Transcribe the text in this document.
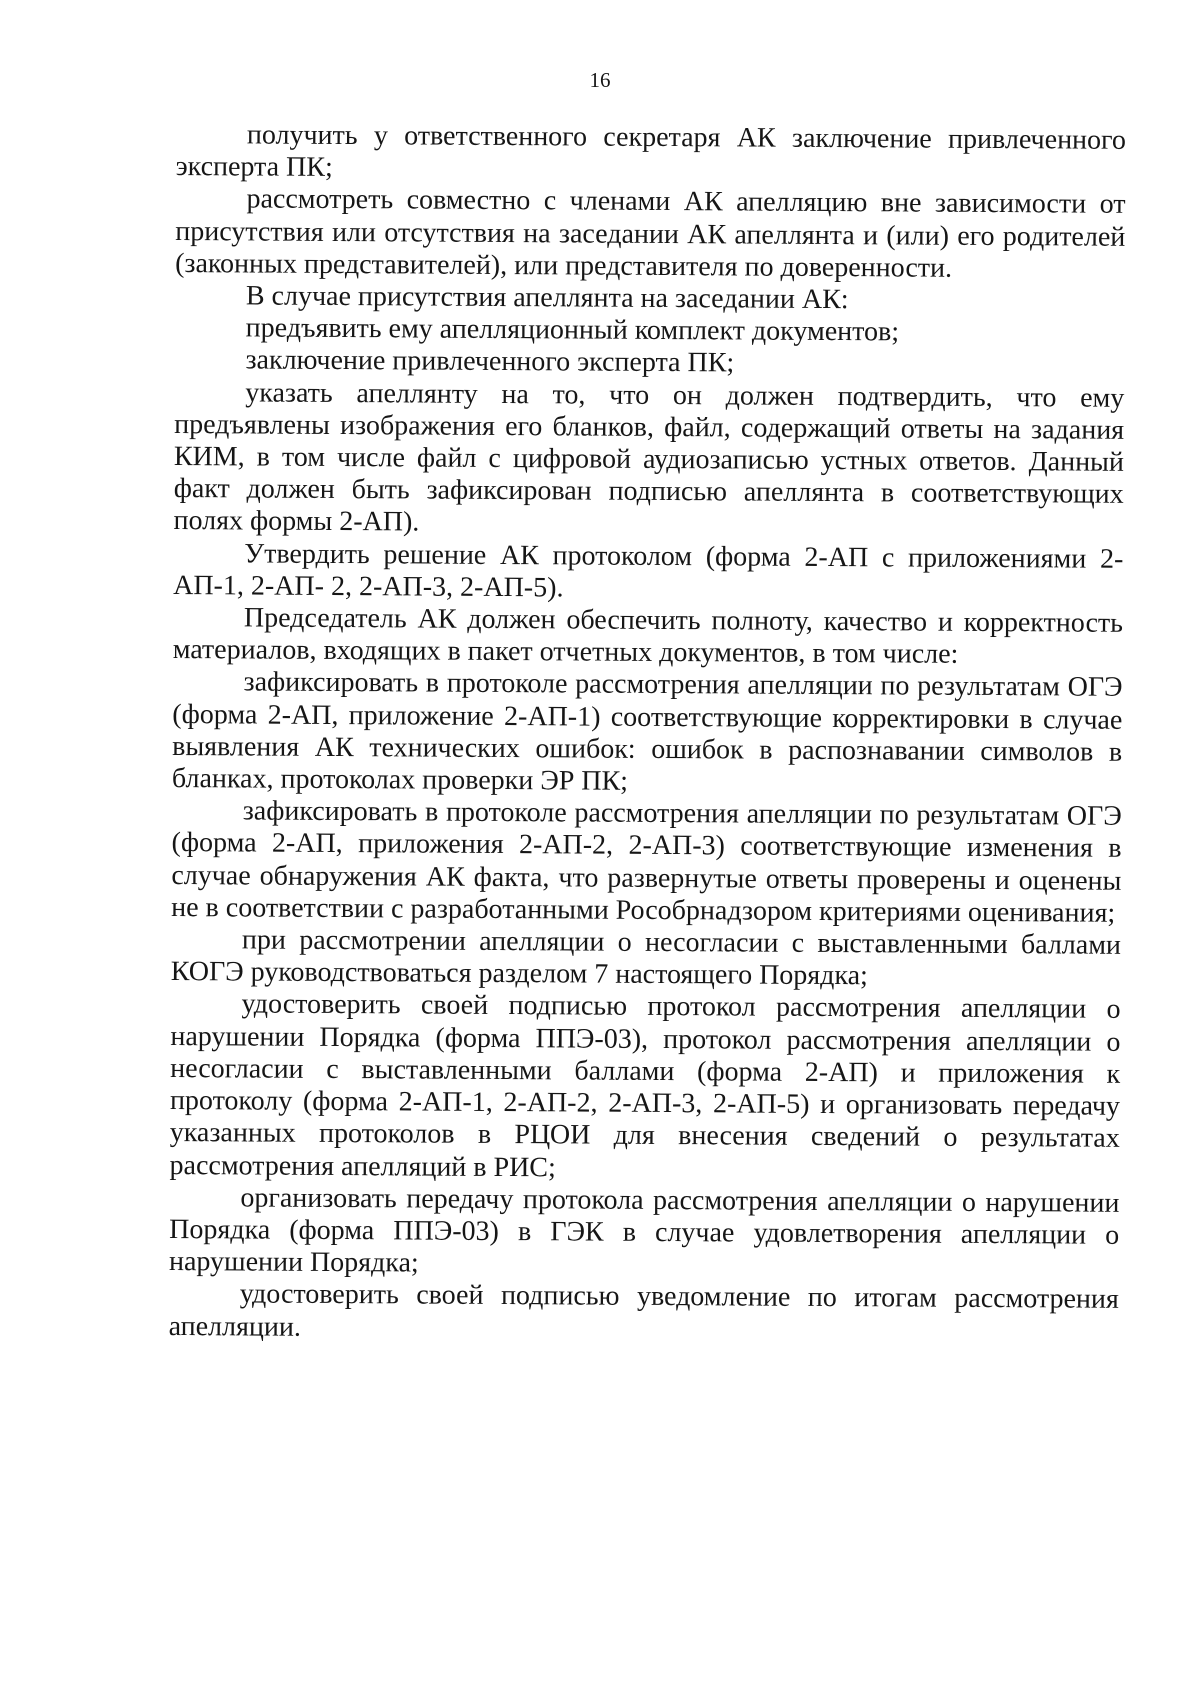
16

получить у ответственного секретаря АК заключение привлеченного эксперта ПК;

рассмотреть совместно с членами АК апелляцию вне зависимости от присутствия или отсутствия на заседании АК апеллянта и (или) его родителей (законных представителей), или представителя по доверенности.

В случае присутствия апеллянта на заседании АК:

предъявить ему апелляционный комплект документов;

заключение привлеченного эксперта ПК;

указать апеллянту на то, что он должен подтвердить, что ему предъявлены изображения его бланков, файл, содержащий ответы на задания КИМ, в том числе файл с цифровой аудиозаписью устных ответов. Данный факт должен быть зафиксирован подписью апеллянта в соответствующих полях формы 2-АП).

Утвердить решение АК протоколом (форма 2-АП с приложениями 2-АП-1, 2-АП- 2, 2-АП-3, 2-АП-5).

Председатель АК должен обеспечить полноту, качество и корректность материалов, входящих в пакет отчетных документов, в том числе:

зафиксировать в протоколе рассмотрения апелляции по результатам ОГЭ (форма 2-АП, приложение 2-АП-1) соответствующие корректировки в случае выявления АК технических ошибок: ошибок в распознавании символов в бланках, протоколах проверки ЭР ПК;

зафиксировать в протоколе рассмотрения апелляции по результатам ОГЭ (форма 2-АП, приложения 2-АП-2, 2-АП-3) соответствующие изменения в случае обнаружения АК факта, что развернутые ответы проверены и оценены не в соответствии с разработанными Рособрнадзором критериями оценивания;

при рассмотрении апелляции о несогласии с выставленными баллами КОГЭ руководствоваться разделом 7 настоящего Порядка;

удостоверить своей подписью протокол рассмотрения апелляции о нарушении Порядка (форма ППЭ-03), протокол рассмотрения апелляции о несогласии с выставленными баллами (форма 2-АП) и приложения к протоколу (форма 2-АП-1, 2-АП-2, 2-АП-3, 2-АП-5) и организовать передачу указанных протоколов в РЦОИ для внесения сведений о результатах рассмотрения апелляций в РИС;

организовать передачу протокола рассмотрения апелляции о нарушении Порядка (форма ППЭ-03) в ГЭК в случае удовлетворения апелляции о нарушении Порядка;

удостоверить своей подписью уведомление по итогам рассмотрения апелляции.
